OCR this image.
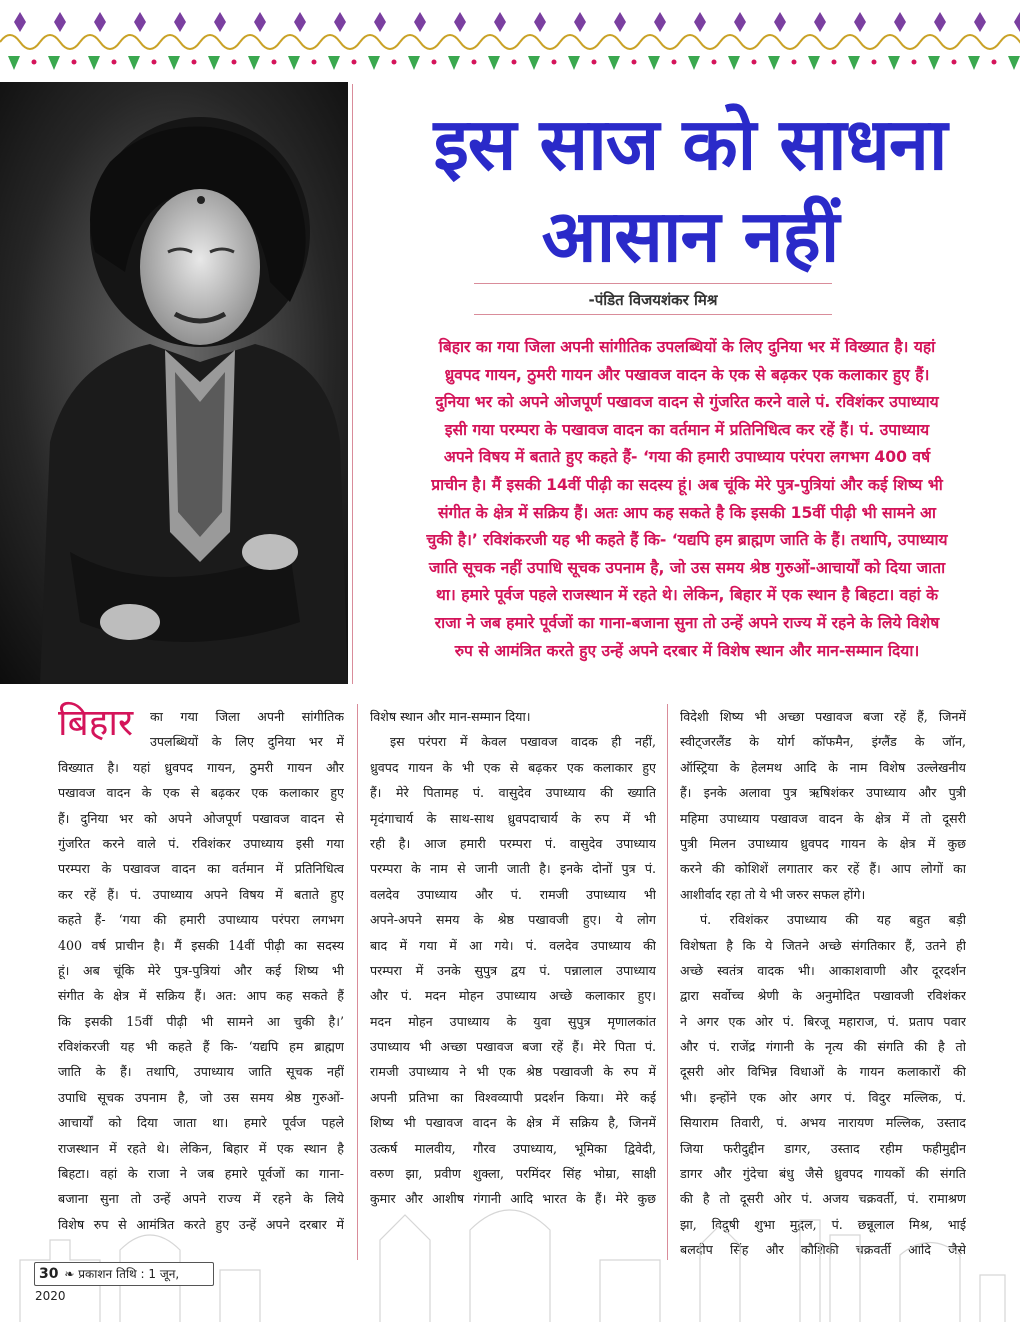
इस साज को साधना
आसान नहीं
-पंडित विजयशंकर मिश्र
बिहार का गया जिला अपनी सांगीतिक उपलब्धियों के लिए दुनिया भर में विख्यात है। यहां
ध्रुवपद गायन, ठुमरी गायन और पखावज वादन के एक से बढ़कर एक कलाकार हुए हैं।
दुनिया भर को अपने ओजपूर्ण पखावज वादन से गुंजरित करने वाले पं. रविशंकर उपाध्याय
इसी गया परम्परा के पखावज वादन का वर्तमान में प्रतिनिधित्व कर रहें हैं। पं. उपाध्याय
अपने विषय में बताते हुए कहते हैं- ‘गया की हमारी उपाध्याय परंपरा लगभग 400 वर्ष
प्राचीन है। मैं इसकी 14वीं पीढ़ी का सदस्य हूं। अब चूंकि मेरे पुत्र-पुत्रियां और कई शिष्य भी
संगीत के क्षेत्र में सक्रिय हैं। अतः आप कह सकते है कि इसकी 15वीं पीढ़ी भी सामने आ
चुकी है।’ रविशंकरजी यह भी कहते हैं कि- ‘यद्यपि हम ब्राह्मण जाति के हैं। तथापि, उपाध्याय
जाति सूचक नहीं उपाधि सूचक उपनाम है, जो उस समय श्रेष्ठ गुरुओं-आचार्यों को दिया जाता
था। हमारे पूर्वज पहले राजस्थान में रहते थे। लेकिन, बिहार में एक स्थान है बिहटा। वहां के
राजा ने जब हमारे पूर्वजों का गाना-बजाना सुना तो उन्हें अपने राज्य में रहने के लिये विशेष
रुप से आमंत्रित करते हुए उन्हें अपने दरबार में विशेष स्थान और मान-सम्मान दिया।
बिहार	का गया जिला अपनी सांगीतिक
उपलब्धियों के लिए दुनिया भर में
विख्यात है। यहां ध्रुवपद गायन, ठुमरी गायन और
पखावज वादन के एक से बढ़कर एक कलाकार हुए
हैं। दुनिया भर को अपने ओजपूर्ण पखावज वादन से
गुंजरित करने वाले पं. रविशंकर उपाध्याय इसी गया
परम्परा के पखावज वादन का वर्तमान में प्रतिनिधित्व
कर रहें हैं। पं. उपाध्याय अपने विषय में बताते हुए
कहते हैं- ‘गया की हमारी उपाध्याय परंपरा लगभग
400 वर्ष प्राचीन है। मैं इसकी 14वीं पीढ़ी का सदस्य
हूं। अब चूंकि मेरे पुत्र-पुत्रियां और कई शिष्य भी
संगीत के क्षेत्र में सक्रिय हैं। अत: आप कह सकते हैं
कि इसकी 15वीं पीढ़ी भी सामने आ चुकी है।’
रविशंकरजी यह भी कहते हैं कि- ‘यद्यपि हम ब्राह्मण
जाति के हैं। तथापि, उपाध्याय जाति सूचक नहीं
उपाधि सूचक उपनाम है, जो उस समय श्रेष्ठ गुरुओं-
आचार्यों को दिया जाता था। हमारे पूर्वज पहले
राजस्थान में रहते थे। लेकिन, बिहार में एक स्थान है
बिहटा। वहां के राजा ने जब हमारे पूर्वजों का गाना-
बजाना सुना तो उन्हें अपने राज्य में रहने के लिये
विशेष रुप से आमंत्रित करते हुए उन्हें अपने दरबार में
विशेष स्थान और मान-सम्मान दिया।
इस परंपरा में केवल पखावज वादक ही नहीं,
ध्रुवपद गायन के भी एक से बढ़कर एक कलाकार हुए
हैं। मेरे पितामह पं. वासुदेव उपाध्याय की ख्याति
मृदंगाचार्य के साथ-साथ ध्रुवपदाचार्य के रुप में भी
रही है। आज हमारी परम्परा पं. वासुदेव उपाध्याय
परम्परा के नाम से जानी जाती है। इनके दोनों पुत्र पं.
वलदेव उपाध्याय और पं. रामजी उपाध्याय भी
अपने-अपने समय के श्रेष्ठ पखावजी हुए। ये लोग
बाद में गया में आ गये। पं. वलदेव उपाध्याय की
परम्परा में उनके सुपुत्र द्वय पं. पन्नालाल उपाध्याय
और पं. मदन मोहन उपाध्याय अच्छे कलाकार हुए।
मदन मोहन उपाध्याय के युवा सुपुत्र मृणालकांत
उपाध्याय भी अच्छा पखावज बजा रहें हैं। मेरे पिता पं.
रामजी उपाध्याय ने भी एक श्रेष्ठ पखावजी के रुप में
अपनी प्रतिभा का विश्वव्यापी प्रदर्शन किया। मेरे कई
शिष्य भी पखावज वादन के क्षेत्र में सक्रिय है, जिनमें
उत्कर्ष मालवीय, गौरव उपाध्याय, भूमिका द्विवेदी,
वरुण झा, प्रवीण शुक्ला, परमिंदर सिंह भोम्रा, साक्षी
कुमार और आशीष गंगानी आदि भारत के हैं। मेरे कुछ
विदेशी शिष्य भी अच्छा पखावज बजा रहें हैं, जिनमें
स्वीट्जरलैंड के योर्ग कॉफमैन, इंग्लैंड के जॉन,
ऑस्ट्रिया के हेलमथ आदि के नाम विशेष उल्लेखनीय
हैं। इनके अलावा पुत्र ऋषिशंकर उपाध्याय और पुत्री
महिमा उपाध्याय पखावज वादन के क्षेत्र में तो दूसरी
पुत्री मिलन उपाध्याय ध्रुवपद गायन के क्षेत्र में कुछ
करने की कोशिशें लगातार कर रहें हैं। आप लोगों का
आशीर्वाद रहा तो ये भी जरुर सफल होंगे।
पं. रविशंकर उपाध्याय की यह बहुत बड़ी
विशेषता है कि ये जितने अच्छे संगतिकार हैं, उतने ही
अच्छे स्वतंत्र वादक भी। आकाशवाणी और दूरदर्शन
द्वारा सर्वोच्च श्रेणी के अनुमोदित पखावजी रविशंकर
ने अगर एक ओर पं. बिरजू महाराज, पं. प्रताप पवार
और पं. राजेंद्र गंगानी के नृत्य की संगति की है तो
दूसरी ओर विभिन्न विधाओं के गायन कलाकारों की
भी। इन्होंने एक ओर अगर पं. विदुर मल्लिक, पं.
सियाराम तिवारी, पं. अभय नारायण मल्लिक, उस्ताद
जिया फरीदुद्दीन डागर, उस्ताद रहीम फहीमुद्दीन
डागर और गुंदेचा बंधु जैसे ध्रुवपद गायकों की संगति
की है तो दूसरी ओर पं. अजय चक्रवर्ती, पं. रामाश्रण
झा, विदुषी शुभा मुद्गल, पं. छन्नूलाल मिश्र, भाई
बलदीप सिंह और कौशिकी चक्रवर्ती आदि जैसे
30 ❧ प्रकाशन तिथि : 1 जून, 2020
